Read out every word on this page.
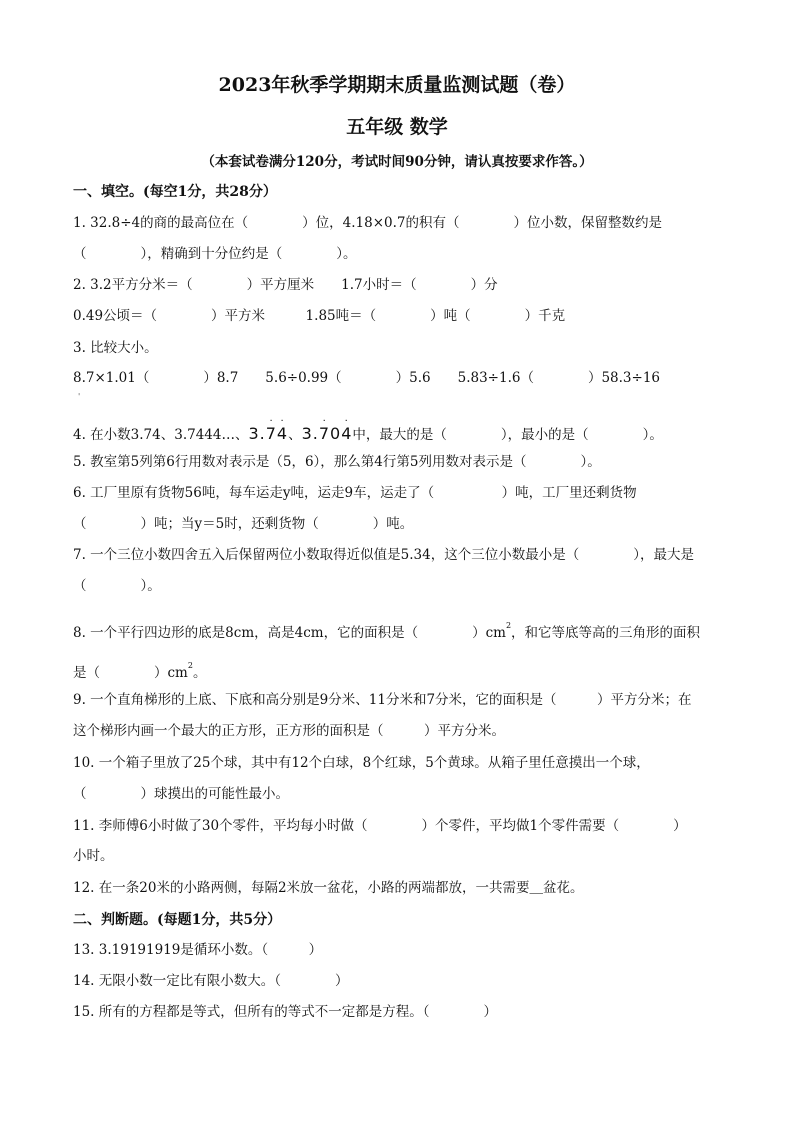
2023年秋季学期期末质量监测试题（卷）
五年级 数学
（本套试卷满分120分，考试时间90分钟，请认真按要求作答。）
一、填空。(每空1分，共28分）
1. 32.8÷4的商的最高位在（　　　　）位，4.18×0.7的积有（　　　　）位小数，保留整数约是
（　　　　），精确到十分位约是（　　　　）。
2. 3.2平方分米＝（　　　　）平方厘米　　1.7小时＝（　　　　）分
0.49公顷＝（　　　　）平方米　　　1.85吨＝（　　　　）吨（　　　　）千克
3. 比较大小。
8.7×1.01（　　　　）8.7　　5.6÷0.99（　　　　）5.6　　5.83÷1.6（　　　　）58.3÷16
'
4. 在小数3.74、3.7444…、3.74
· ·
、3.704
· ·
中，最大的是（　　　　），最小的是（　　　　）。
5. 教室第5列第6行用数对表示是（5，6），那么第4行第5列用数对表示是（　　　　）。
6. 工厂里原有货物56吨，每车运走y吨，运走9车，运走了（　　　　　）吨，工厂里还剩货物
（　　　　）吨；当y＝5时，还剩货物（　　　　）吨。
7. 一个三位小数四舍五入后保留两位小数取得近似值是5.34，这个三位小数最小是（　　　　），最大是
（　　　　）。
8. 一个平行四边形的底是8cm，高是4cm，它的面积是（　　　　）$cm^2$，和它等底等高的三角形的面积
是（　　　　）$cm^2$。
9. 一个直角梯形的上底、下底和高分别是9分米、11分米和7分米，它的面积是（　　　）平方分米；在
这个梯形内画一个最大的正方形，正方形的面积是（　　　）平方分米。
10. 一个箱子里放了25个球，其中有12个白球，8个红球，5个黄球。从箱子里任意摸出一个球，
（　　　　）球摸出的可能性最小。
11. 李师傅6小时做了30个零件，平均每小时做（　　　　）个零件，平均做1个零件需要（　　　　）
小时。
12. 在一条20米的小路两侧，每隔2米放一盆花，小路的两端都放，一共需要＿盆花。
二、判断题。(每题1分，共5分）
13. 3.19191919是循环小数。（　　　）
14. 无限小数一定比有限小数大。（　　　　）
15. 所有的方程都是等式，但所有的等式不一定都是方程。（　　　　）
